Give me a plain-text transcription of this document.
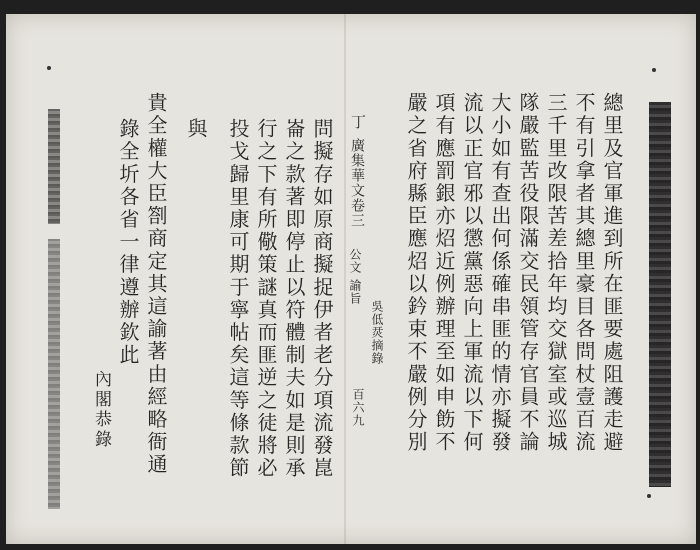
總里及官軍進到所在匪要處阻護走避
不有引拿者其總里豪目各問杖壹百流
三千里改限苦差拾年均交獄室或巡城
隊嚴監苦役限滿交民領管存官員不論
大小如有查出何係確串匪的情亦擬發
流以正官邪以懲黨惡向上軍流以下何
項有應罰銀亦炤近例辦理至如申飭不
嚴之省府縣臣應炤以鈐束不嚴例分別
丁
廣集華文卷三
公文 諭旨
吳低烎摘錄
百六九
問擬存如原商擬捉伊者老分項流發崑
崙之款著即停止以符體制夫如是則承
行之下有所儆策謎真而匪逆之徒將必
投戈歸里康可期于寧帖矣這等條款節
與
貴全權大臣劄商定其這諭著由經略衙通
錄全圻各省一律遵辦欽此
內閣恭錄
